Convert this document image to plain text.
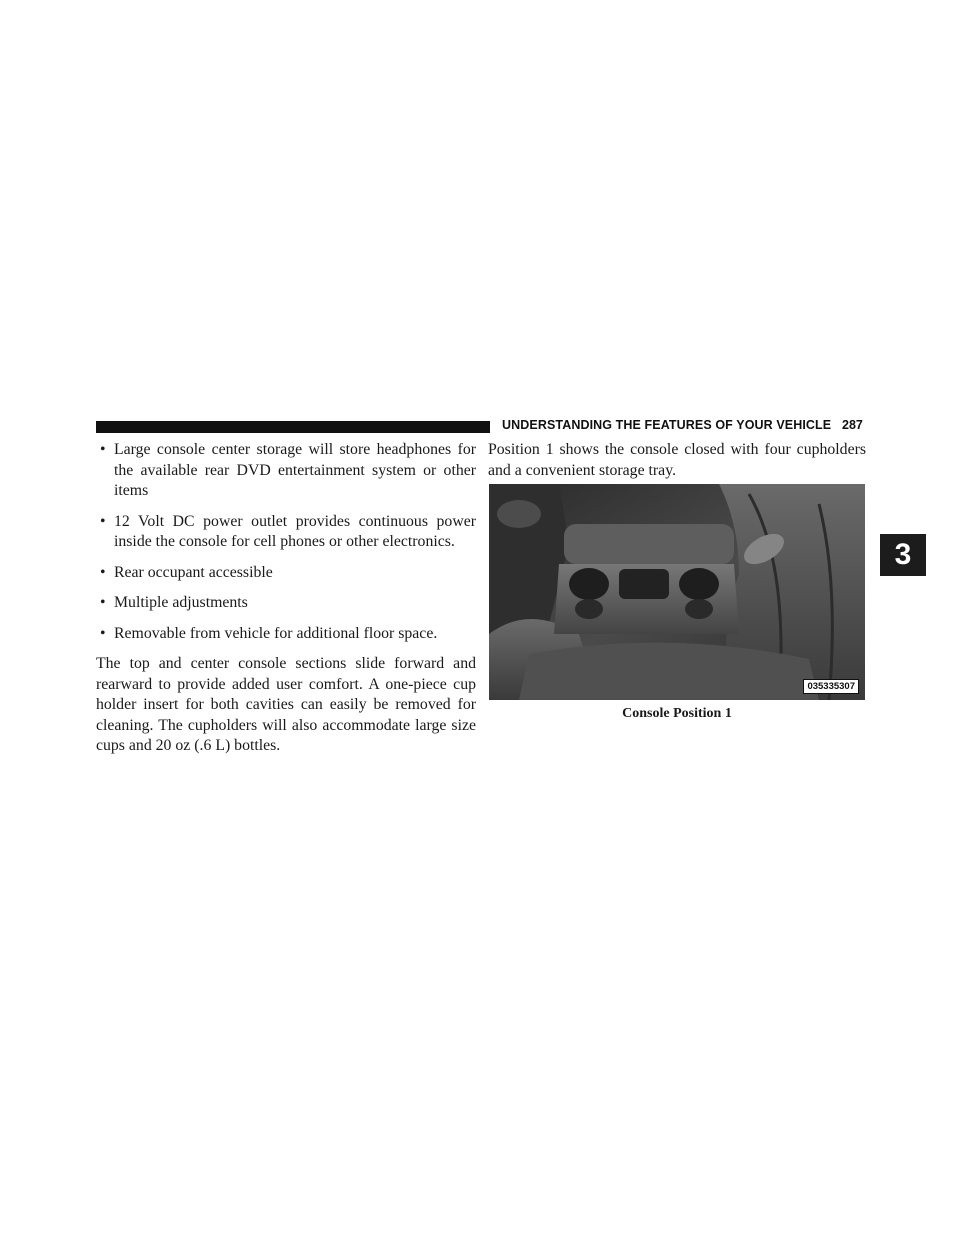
UNDERSTANDING THE FEATURES OF YOUR VEHICLE 287
3
• Large console center storage will store headphones for the available rear DVD entertainment system or other items
• 12 Volt DC power outlet provides continuous power inside the console for cell phones or other electronics.
• Rear occupant accessible
• Multiple adjustments
• Removable from vehicle for additional floor space.

The top and center console sections slide forward and rearward to provide added user comfort. A one-piece cup holder insert for both cavities can easily be removed for cleaning. The cupholders will also accommodate large size cups and 20 oz (.6 L) bottles.

Position 1 shows the console closed with four cupholders and a convenient storage tray.

035335307
Console Position 1
